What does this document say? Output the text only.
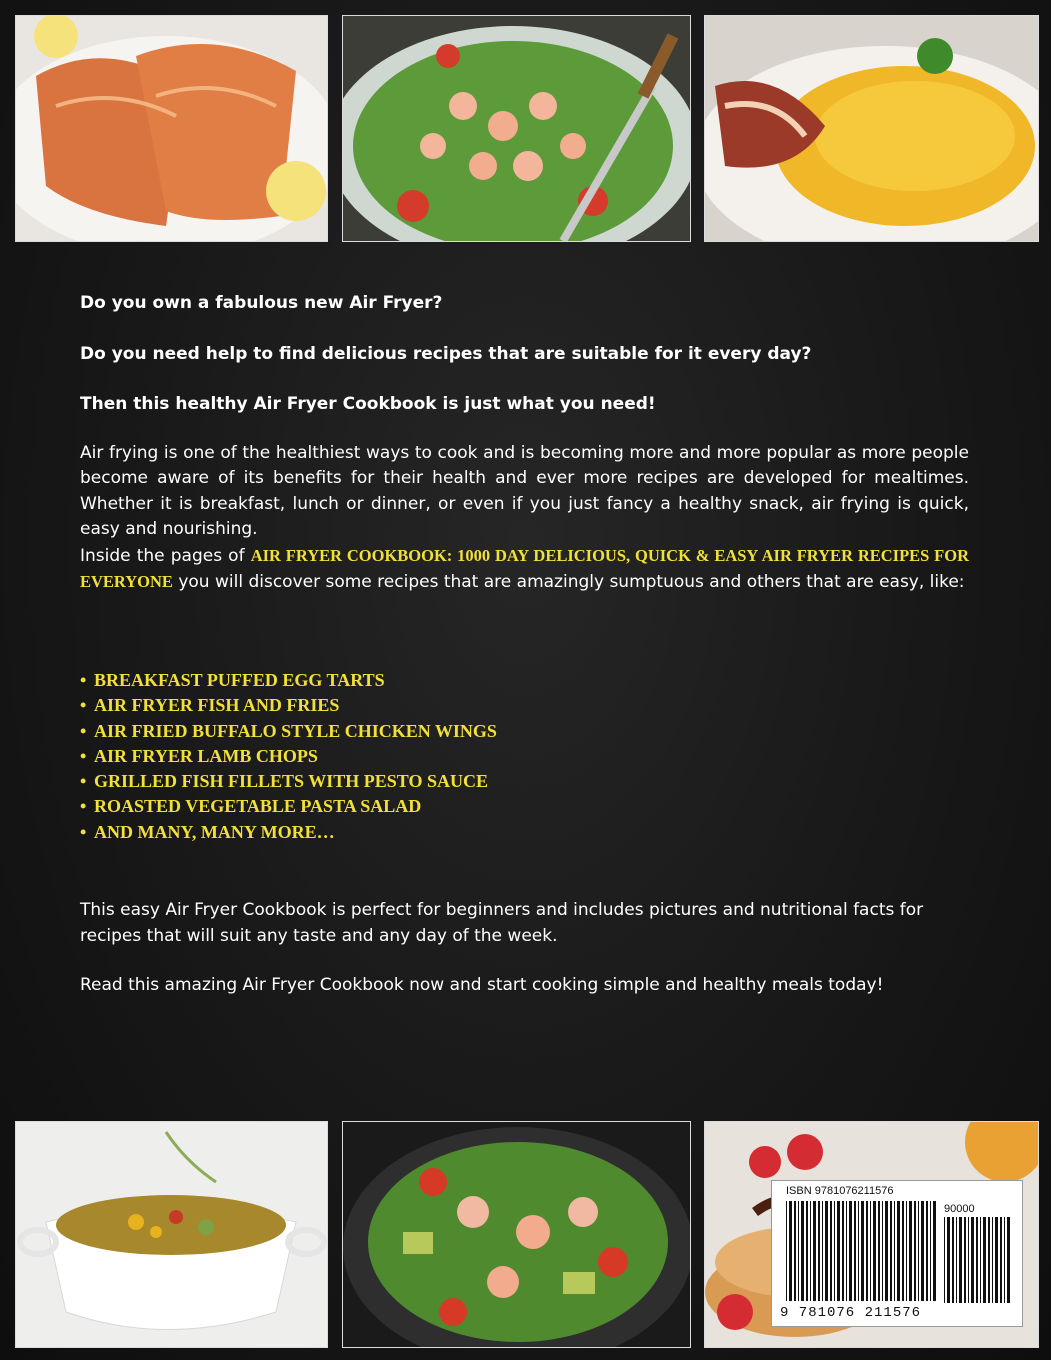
Do you own a fabulous new Air Fryer?

Do you need help to find delicious recipes that are suitable for it every day?

Then this healthy Air Fryer Cookbook is just what you need!

Air frying is one of the healthiest ways to cook and is becoming more and more popular as more people become aware of its benefits for their health and ever more recipes are developed for mealtimes. Whether it is breakfast, lunch or dinner, or even if you just fancy a healthy snack, air frying is quick, easy and nourishing.
Inside the pages of AIR FRYER COOKBOOK: 1000 DAY DELICIOUS, QUICK & EASY AIR FRYER RECIPES FOR EVERYONE you will discover some recipes that are amazingly sumptuous and others that are easy, like:

• BREAKFAST PUFFED EGG TARTS
• AIR FRYER FISH AND FRIES
• AIR FRIED BUFFALO STYLE CHICKEN WINGS
• AIR FRYER LAMB CHOPS
• GRILLED FISH FILLETS WITH PESTO SAUCE
• ROASTED VEGETABLE PASTA SALAD
• AND MANY, MANY MORE…

This easy Air Fryer Cookbook is perfect for beginners and includes pictures and nutritional facts for recipes that will suit any taste and any day of the week.

Read this amazing Air Fryer Cookbook now and start cooking simple and healthy meals today!

ISBN 9781076211576
90000
9 781076 211576
